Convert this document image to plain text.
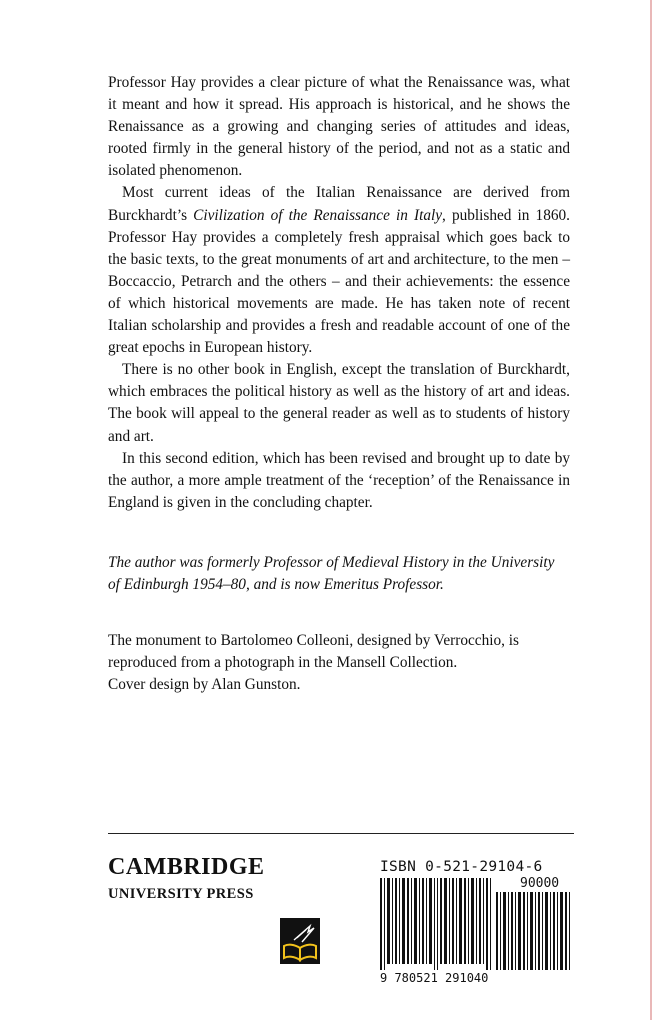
Professor Hay provides a clear picture of what the Renaissance was, what it meant and how it spread. His approach is historical, and he shows the Renaissance as a growing and changing series of attitudes and ideas, rooted firmly in the general history of the period, and not as a static and isolated phenomenon.

Most current ideas of the Italian Renaissance are derived from Burckhardt’s Civilization of the Renaissance in Italy, published in 1860. Professor Hay provides a completely fresh appraisal which goes back to the basic texts, to the great monuments of art and architecture, to the men – Boccaccio, Petrarch and the others – and their achievements: the essence of which historical movements are made. He has taken note of recent Italian scholarship and provides a fresh and readable account of one of the great epochs in European history.

There is no other book in English, except the translation of Burckhardt, which embraces the political history as well as the history of art and ideas. The book will appeal to the general reader as well as to students of history and art.

In this second edition, which has been revised and brought up to date by the author, a more ample treatment of the ‘reception’ of the Renaissance in England is given in the concluding chapter.

The author was formerly Professor of Medieval History in the University of Edinburgh 1954–80, and is now Emeritus Professor.

The monument to Bartolomeo Colleoni, designed by Verrocchio, is reproduced from a photograph in the Mansell Collection.

Cover design by Alan Gunston.

CAMBRIDGE
UNIVERSITY PRESS
ISBN 0-521-29104-6
90000
9 780521 291040
